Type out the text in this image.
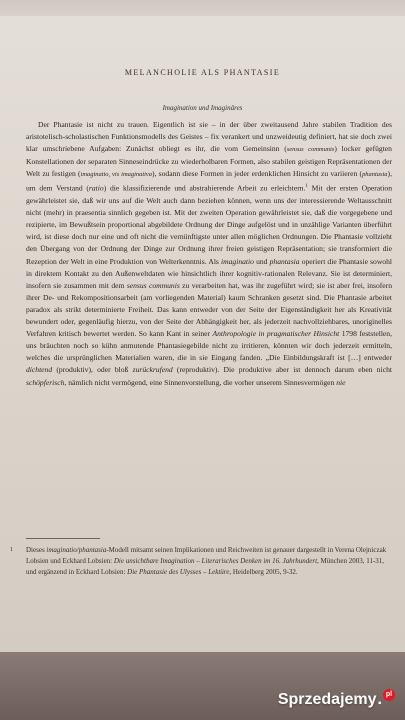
MELANCHOLIE ALS PHANTASIE
Imagination und Imaginäres

Der Phantasie ist nicht zu trauen. Eigentlich ist sie – in der über zweitausend Jahre stabilen Tradition des aristotelisch-scholastischen Funktionsmodells des Geistes – fix verankert und unzweideutig definiert, hat sie doch zwei klar umschriebene Aufgaben: Zunächst obliegt es ihr, die vom Gemeinsinn (sensus communis) locker gefügten Konstellationen der separaten Sinneseindrücke zu wiederholbaren Formen, also stabilen geistigen Repräsentationen der Welt zu festigen (imaginatio, vis imaginativa), sodann diese Formen in jeder erdenklichen Hinsicht zu variieren (phantasia), um dem Verstand (ratio) die klassifizierende und abstrahierende Arbeit zu erleichtern.$^1$ Mit der ersten Operation gewährleistet sie, daß wir uns auf die Welt auch dann beziehen können, wenn uns der interessierende Weltausschnitt nicht (mehr) in praesentia sinnlich gegeben ist. Mit der zweiten Operation gewährleistet sie, daß die vorgegebene und rezipierte, im Bewußtsein proportional abgebildete Ordnung der Dinge aufgelöst und in unzählige Varianten überführt wird, ist diese doch nur eine und oft nicht die vernünftigste unter allen möglichen Ordnungen. Die Phantasie vollzieht den Übergang von der Ordnung der Dinge zur Ordnung ihrer freien geistigen Repräsentation; sie transformiert die Rezeption der Welt in eine Produktion von Welterkenntnis. Als imaginatio und phantasia operiert die Phantasie sowohl in direktem Kontakt zu den Außenweltdaten wie hinsichtlich ihrer kognitiv-rationalen Relevanz. Sie ist determiniert, insofern sie zusammen mit dem sensus communis zu verarbeiten hat, was ihr zugeführt wird; sie ist aber frei, insofern ihrer De- und Rekompositionsarbeit (am vorliegenden Material) kaum Schranken gesetzt sind. Die Phantasie arbeitet paradox als strikt determinierte Freiheit. Das kann entweder von der Seite der Eigenständigkeit her als Kreativität bewundert oder, gegenläufig hierzu, von der Seite der Abhängigkeit her, als jederzeit nachvollziehbares, unoriginelles Verfahren kritisch bewertet werden. So kann Kant in seiner Anthropologie in pragmatischer Hinsicht 1798 feststellen, uns bräuchten noch so kühn anmutende Phantasiegebilde nicht zu irritieren, könnten wir doch jederzeit ermitteln, welches die ursprünglichen Materialien waren, die in sie Eingang fanden. „Die Einbildungskraft ist […] entweder dichtend (produktiv), oder bloß zurückrufend (reproduktiv). Die produktive aber ist dennoch darum eben nicht schöpferisch, nämlich nicht vermögend, eine Sinnenvorstellung, die vorher unserem Sinnesvermögen nie

1 Dieses imaginatio/phantasia-Modell mitsamt seinen Implikationen und Reichweiten ist genauer dargestellt in Verena Olejniczak Lobsien und Eckhard Lobsien: Die unsichtbare Imagination – Literarisches Denken im 16. Jahrhundert, München 2003, 11-31, und ergänzend in Eckhard Lobsien: Die Phantasie des Ulysses – Lektüre, Heidelberg 2005, 9-32.

Sprzedajemy . pl
